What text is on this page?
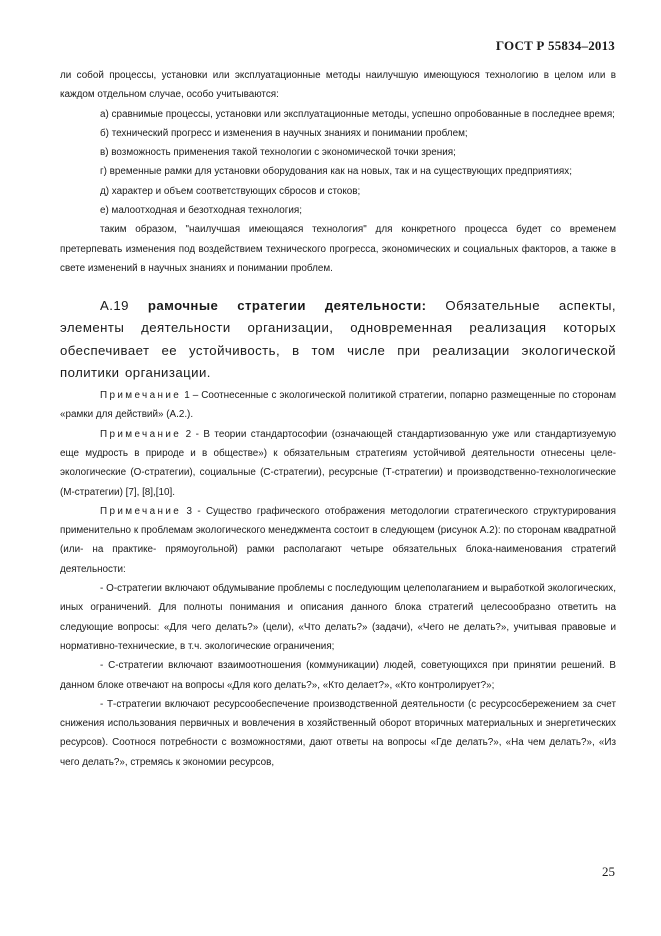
ГОСТ Р 55834–2013

ли собой процессы, установки или эксплуатационные методы наилучшую имеющуюся технологию в целом или в каждом отдельном случае, особо учитываются:

а) сравнимые процессы, установки или эксплуатационные методы, успешно опробованные в последнее время;

б) технический прогресс и изменения в научных знаниях и понимании проблем;

в) возможность применения такой технологии с экономической точки зрения;

г) временные рамки для установки оборудования как на новых, так и на существующих предприятиях;

д) характер и объем соответствующих сбросов и стоков;

е) малоотходная и безотходная технология;

таким образом, "наилучшая имеющаяся технология" для конкретного процесса будет со временем претерпевать изменения под воздействием технического прогресса, экономических и социальных факторов, а также в свете изменений в научных знаниях и понимании проблем.

А.19 рамочные стратегии деятельности: Обязательные аспекты, элементы деятельности организации, одновременная реализация которых обеспечивает ее устойчивость, в том числе при реализации экологической политики организации.

Примечание 1 – Соотнесенные с экологической политикой стратегии, попарно размещенные по сторонам «рамки для действий» (А.2.).

Примечание 2 - В теории стандартософии (означающей стандартизованную уже или стандартизуемую еще мудрость в природе и в обществе») к обязательным стратегиям устойчивой деятельности отнесены целе-экологические (О-стратегии), социальные (С-стратегии), ресурсные (Т-стратегии) и производственно-технологические (М-стратегии) [7], [8],[10].

Примечание 3 - Существо графического отображения методологии стратегического структурирования применительно к проблемам экологического менеджмента состоит в следующем (рисунок А.2): по сторонам квадратной (или- на практике- прямоугольной) рамки располагают четыре обязательных блока-наименования стратегий деятельности:

- О-стратегии включают обдумывание проблемы с последующим целеполаганием и выработкой экологических, иных ограничений. Для полноты понимания и описания данного блока стратегий целесообразно ответить на следующие вопросы: «Для чего делать?» (цели), «Что делать?» (задачи), «Чего не делать?», учитывая правовые и нормативно-технические, в т.ч. экологические ограничения;

- С-стратегии включают взаимоотношения (коммуникации) людей, советующихся при принятии решений. В данном блоке отвечают на вопросы «Для кого делать?», «Кто делает?», «Кто контролирует?»;

- Т-стратегии включают ресурсообеспечение производственной деятельности (с ресурсосбережением за счет снижения использования первичных и вовлечения в хозяйственный оборот вторичных материальных и энергетических ресурсов). Соотнося потребности с возможностями, дают ответы на вопросы «Где делать?», «На чем делать?», «Из чего делать?», стремясь к экономии ресурсов,

25
